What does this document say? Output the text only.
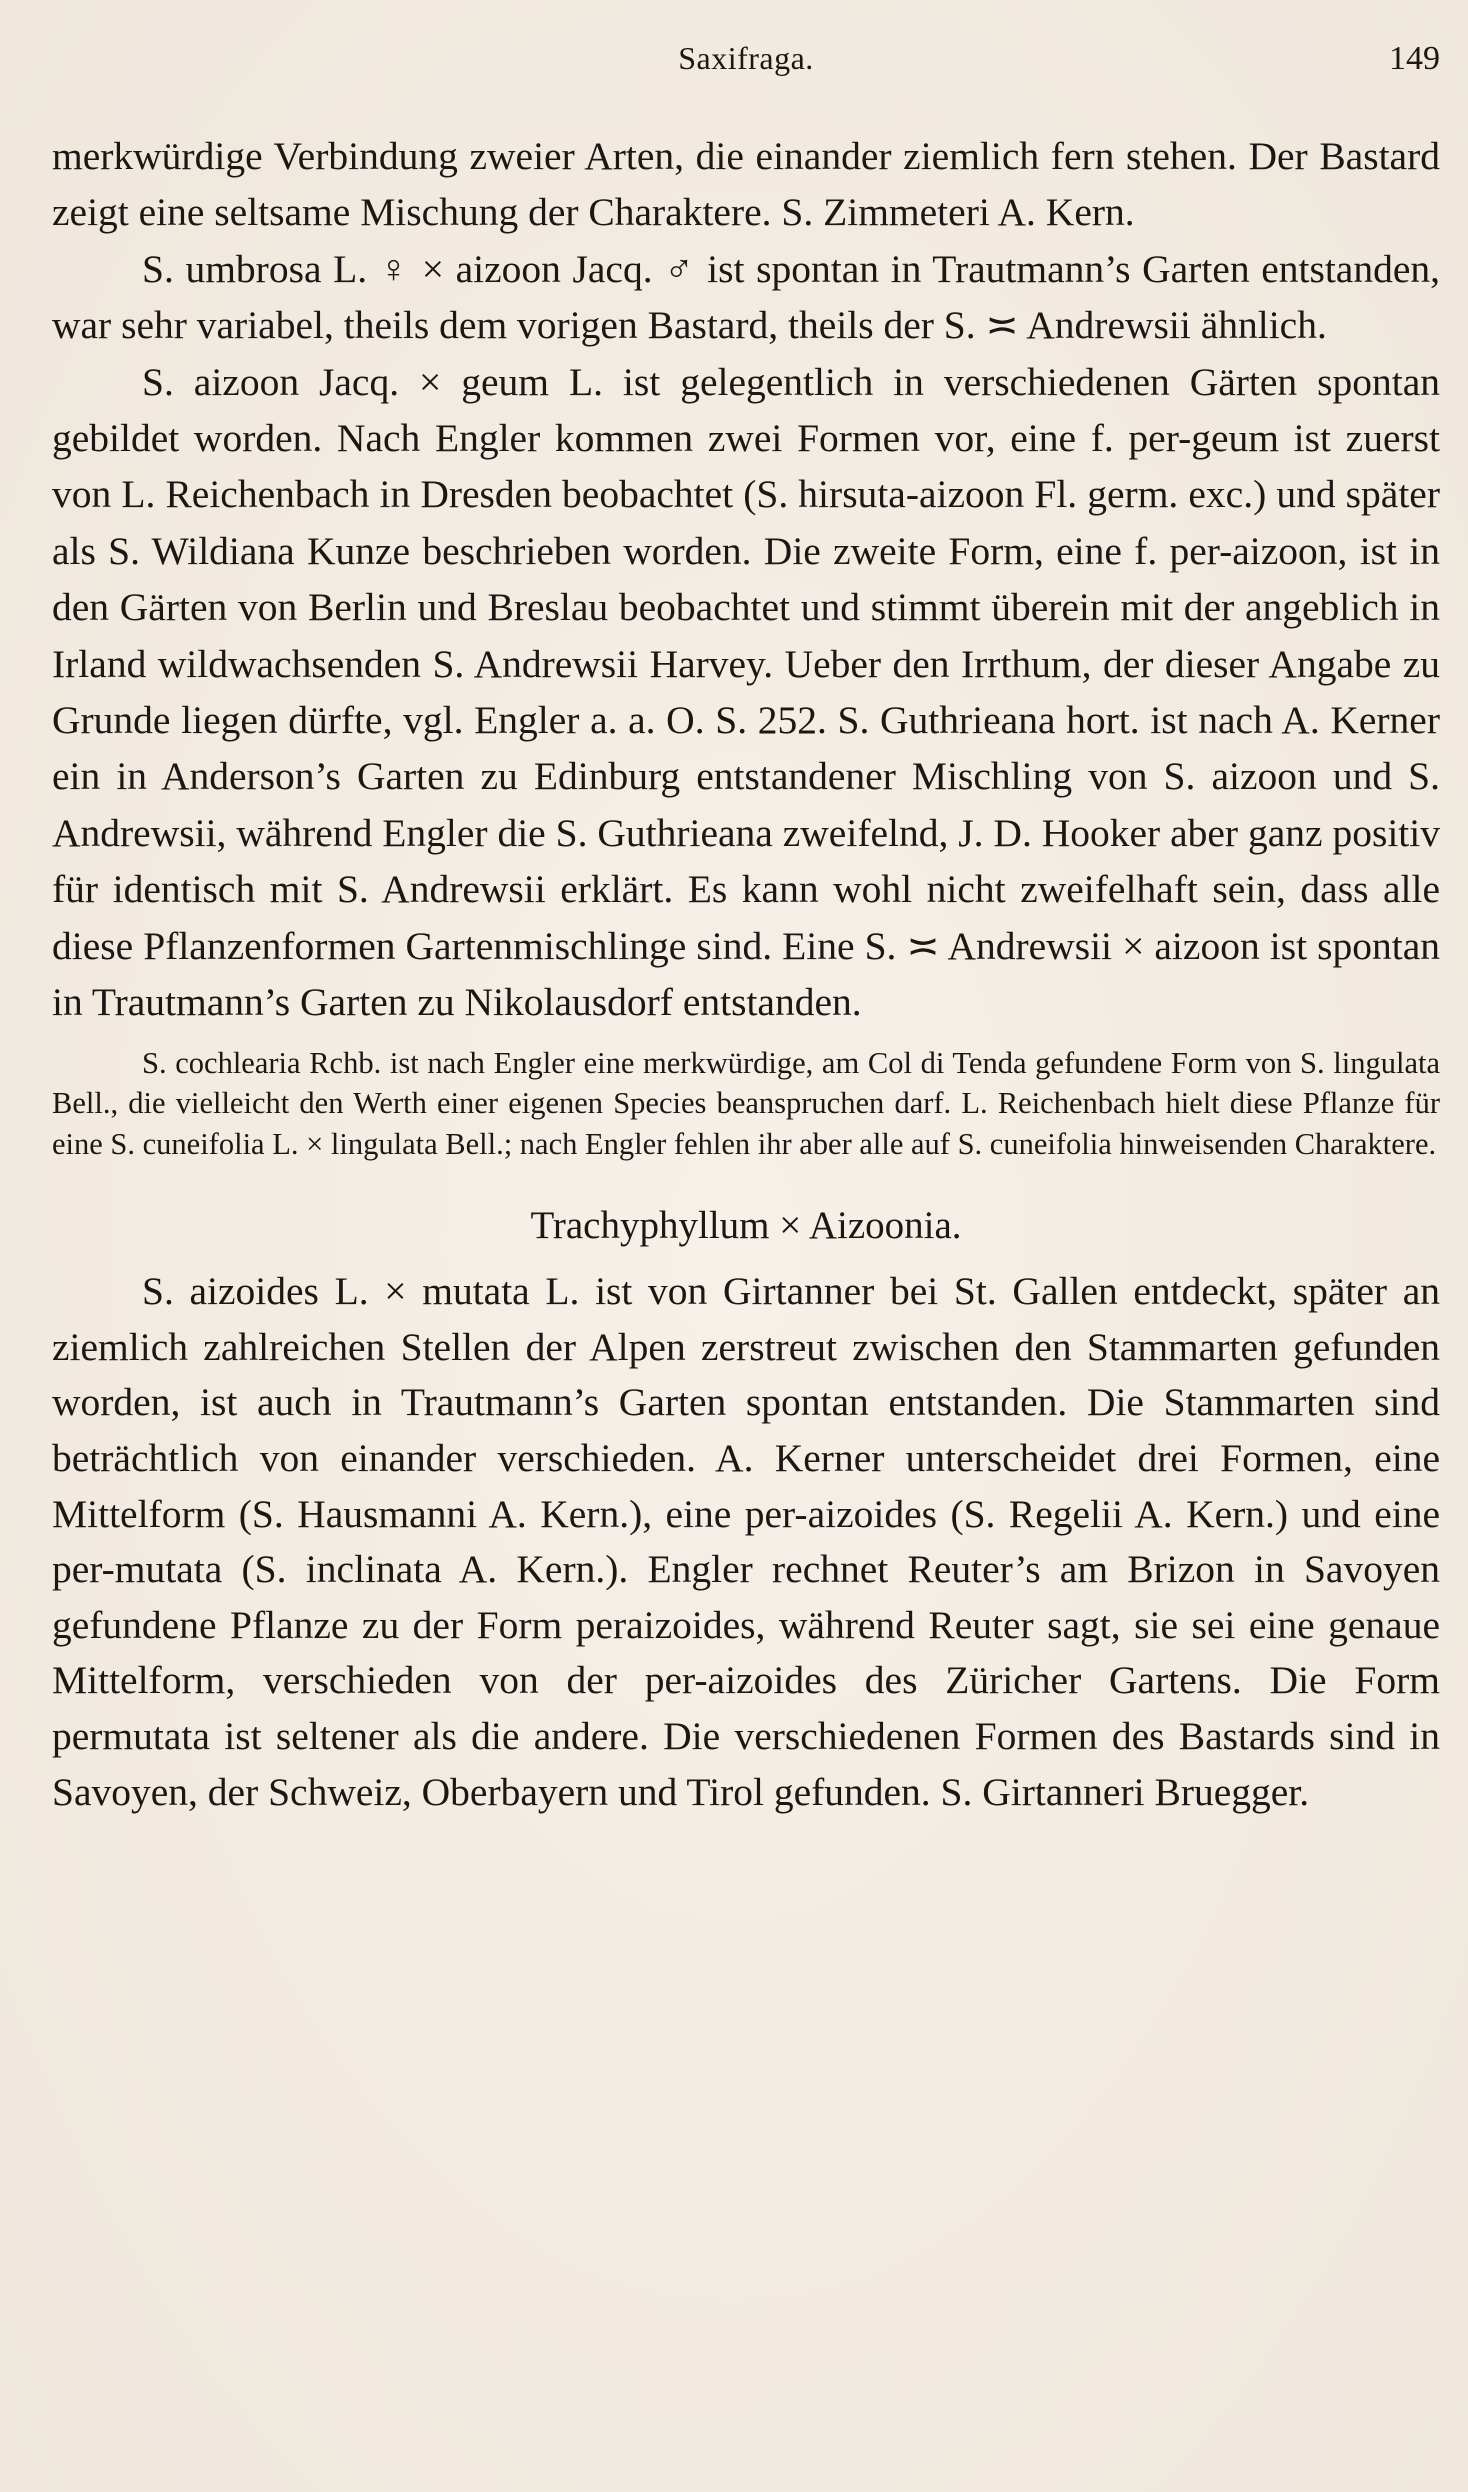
Saxifraga.	149

merkwürdige Verbindung zweier Arten, die einander ziemlich fern stehen. Der Bastard zeigt eine seltsame Mischung der Charaktere. S. Zimmeteri A. Kern.

S. umbrosa L. ♀ × aizoon Jacq. ♂ ist spontan in Trautmann’s Garten entstanden, war sehr variabel, theils dem vorigen Bastard, theils der S. ≍ Andrewsii ähnlich.

S. aizoon Jacq. × geum L. ist gelegentlich in verschiedenen Gärten spontan gebildet worden. Nach Engler kommen zwei Formen vor, eine f. per-geum ist zuerst von L. Reichenbach in Dresden beobachtet (S. hirsuta-aizoon Fl. germ. exc.) und später als S. Wildiana Kunze beschrieben worden. Die zweite Form, eine f. per-aizoon, ist in den Gärten von Berlin und Breslau beobachtet und stimmt überein mit der angeblich in Irland wildwachsenden S. Andrewsii Harvey. Ueber den Irrthum, der dieser Angabe zu Grunde liegen dürfte, vgl. Engler a. a. O. S. 252. S. Guthrieana hort. ist nach A. Kerner ein in Anderson’s Garten zu Edinburg entstandener Mischling von S. aizoon und S. Andrewsii, während Engler die S. Guthrieana zweifelnd, J. D. Hooker aber ganz positiv für identisch mit S. Andrewsii erklärt. Es kann wohl nicht zweifelhaft sein, dass alle diese Pflanzenformen Gartenmischlinge sind. Eine S. ≍ Andrewsii × aizoon ist spontan in Trautmann’s Garten zu Nikolausdorf entstanden.

S. cochlearia Rchb. ist nach Engler eine merkwürdige, am Col di Tenda gefundene Form von S. lingulata Bell., die vielleicht den Werth einer eigenen Species beanspruchen darf. L. Reichenbach hielt diese Pflanze für eine S. cuneifolia L. × lingulata Bell.; nach Engler fehlen ihr aber alle auf S. cuneifolia hinweisenden Charaktere.

Trachyphyllum × Aizoonia.

S. aizoides L. × mutata L. ist von Girtanner bei St. Gallen entdeckt, später an ziemlich zahlreichen Stellen der Alpen zerstreut zwischen den Stammarten gefunden worden, ist auch in Trautmann’s Garten spontan entstanden. Die Stammarten sind beträchtlich von einander verschieden. A. Kerner unterscheidet drei Formen, eine Mittelform (S. Hausmanni A. Kern.), eine per-aizoides (S. Regelii A. Kern.) und eine per-mutata (S. inclinata A. Kern.). Engler rechnet Reuter’s am Brizon in Savoyen gefundene Pflanze zu der Form peraizoides, während Reuter sagt, sie sei eine genaue Mittelform, verschieden von der per-aizoides des Züricher Gartens. Die Form permutata ist seltener als die andere. Die verschiedenen Formen des Bastards sind in Savoyen, der Schweiz, Oberbayern und Tirol gefunden. S. Girtanneri Bruegger.
